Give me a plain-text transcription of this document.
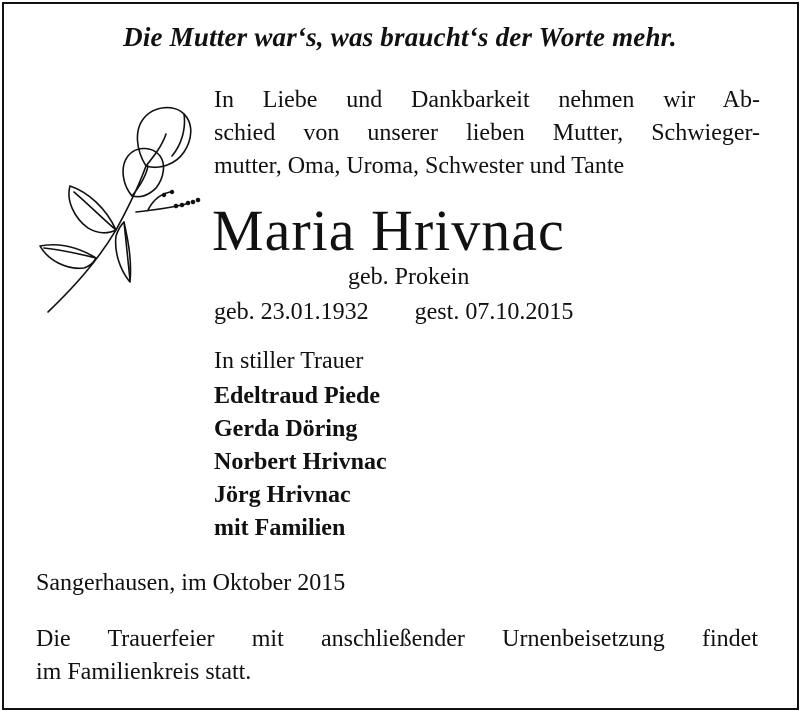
Die Mutter war‘s, was braucht‘s der Worte mehr.

In Liebe und Dankbarkeit nehmen wir Ab-
schied von unserer lieben Mutter, Schwieger-
mutter, Oma, Uroma, Schwester und Tante

Maria Hrivnac
geb. Prokein
geb. 23.01.1932 gest. 07.10.2015
In stiller Trauer
Edeltraud Piede
Gerda Döring
Norbert Hrivnac
Jörg Hrivnac
mit Familien
Sangerhausen, im Oktober 2015

Die Trauerfeier mit anschließender Urnenbeisetzung findet
im Familienkreis statt.
